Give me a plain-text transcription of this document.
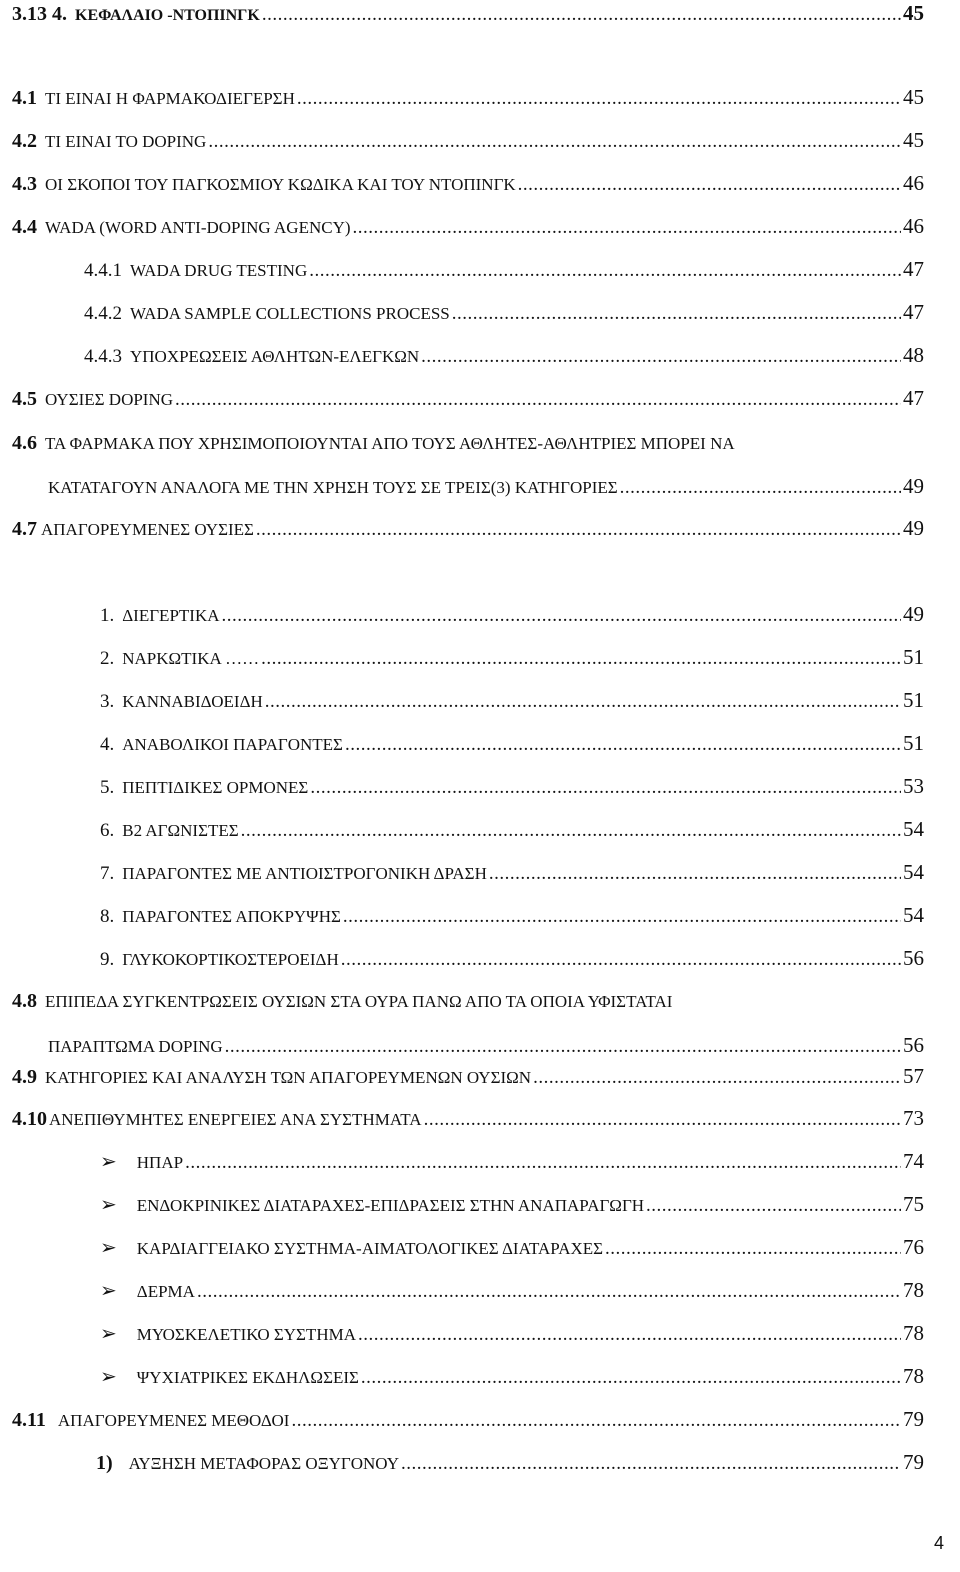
3.13 4. ΚΕΦΑΛΑΙΟ -ΝΤΟΠΙΝΓΚ .....	45
4.1 ΤΙ ΕΙΝΑΙ Η ΦΑΡΜΑΚΟΔΙΕΓΕΡΣΗ .....	45
4.2 ΤΙ ΕΙΝΑΙ ΤΟ DOPING .....	45
4.3 ΟΙ ΣΚΟΠΟΙ ΤΟΥ ΠΑΓΚΟΣΜΙΟΥ ΚΩΔΙΚΑ ΚΑΙ ΤΟΥ ΝΤΟΠΙΝΓΚ .....	46
4.4 WADA (WORD ANTI-DOPING AGENCY) .....	46
4.4.1 WADA DRUG TESTING .....	47
4.4.2 WADA SAMPLE COLLECTIONS PROCESS .....	47
4.4.3 ΥΠΟΧΡΕΩΣΕΙΣ ΑΘΛΗΤΩΝ-ΕΛΕΓΚΩΝ .....	48
4.5 ΟΥΣΙΕΣ DOPING .....	47
4.6 ΤΑ ΦΑΡΜΑΚΑ ΠΟΥ ΧΡΗΣΙΜΟΠΟΙΟΥΝΤΑΙ ΑΠΟ ΤΟΥΣ ΑΘΛΗΤΕΣ-ΑΘΛΗΤΡΙΕΣ ΜΠΟΡΕΙ ΝΑ
ΚΑΤΑΤΑΓΟΥΝ ΑΝΑΛΟΓΑ ΜΕ ΤΗΝ ΧΡΗΣΗ ΤΟΥΣ ΣΕ ΤΡΕΙΣ(3) ΚΑΤΗΓΟΡΙΕΣ .....	49
4.7 ΑΠΑΓΟΡΕΥΜΕΝΕΣ ΟΥΣΙΕΣ .....	49
1. ΔΙΕΓΕΡΤΙΚΑ .....	49
2. ΝΑΡΚΩΤΙΚΑ …… .....	51
3. ΚΑΝΝΑΒΙΔΟΕΙΔΗ .....	51
4. ΑΝΑΒΟΛΙΚΟΙ ΠΑΡΑΓΟΝΤΕΣ .....	51
5. ΠΕΠΤΙΔΙΚΕΣ ΟΡΜΟΝΕΣ .....	53
6. Β2 ΑΓΩΝΙΣΤΕΣ .....	54
7. ΠΑΡΑΓΟΝΤΕΣ ΜΕ ΑΝΤΙΟΙΣΤΡΟΓΟΝΙΚΗ ΔΡΑΣΗ .....	54
8. ΠΑΡΑΓΟΝΤΕΣ ΑΠΟΚΡΥΨΗΣ .....	54
9. ΓΛΥΚΟΚΟΡΤΙΚΟΣΤΕΡΟΕΙΔΗ .....	56
4.8 ΕΠΙΠΕΔΑ ΣΥΓΚΕΝΤΡΩΣΕΙΣ ΟΥΣΙΩΝ ΣΤΑ ΟΥΡΑ ΠΑΝΩ ΑΠΟ ΤΑ ΟΠΟΙΑ ΥΦΙΣΤΑΤΑΙ
ΠΑΡΑΠΤΩΜΑ DOPING .....	56
4.9 ΚΑΤΗΓΟΡΙΕΣ ΚΑΙ ΑΝΑΛΥΣΗ ΤΩΝ ΑΠΑΓΟΡΕΥΜΕΝΩΝ ΟΥΣΙΩΝ .....	57
4.10 ΑΝΕΠΙΘΥΜΗΤΕΣ ΕΝΕΡΓΕΙΕΣ ΑΝΑ ΣΥΣΤΗΜΑΤΑ .....	73
➢ ΗΠΑΡ .....	74
➢ ΕΝΔΟΚΡΙΝΙΚΕΣ ΔΙΑΤΑΡΑΧΕΣ-ΕΠΙΔΡΑΣΕΙΣ ΣΤΗΝ ΑΝΑΠΑΡΑΓΩΓΗ .....	75
➢ ΚΑΡΔΙΑΓΓΕΙΑΚΟ ΣΥΣΤΗΜΑ-ΑΙΜΑΤΟΛΟΓΙΚΕΣ ΔΙΑΤΑΡΑΧΕΣ .....	76
➢ ΔΕΡΜΑ .....	78
➢ ΜΥΟΣΚΕΛΕΤΙΚΟ ΣΥΣΤΗΜΑ .....	78
➢ ΨΥΧΙΑΤΡΙΚΕΣ ΕΚΔΗΛΩΣΕΙΣ .....	78
4.11 ΑΠΑΓΟΡΕΥΜΕΝΕΣ ΜΕΘΟΔΟΙ .....	79
1) ΑΥΞΗΣΗ ΜΕΤΑΦΟΡΑΣ ΟΞΥΓΟΝΟΥ .....	79
4
